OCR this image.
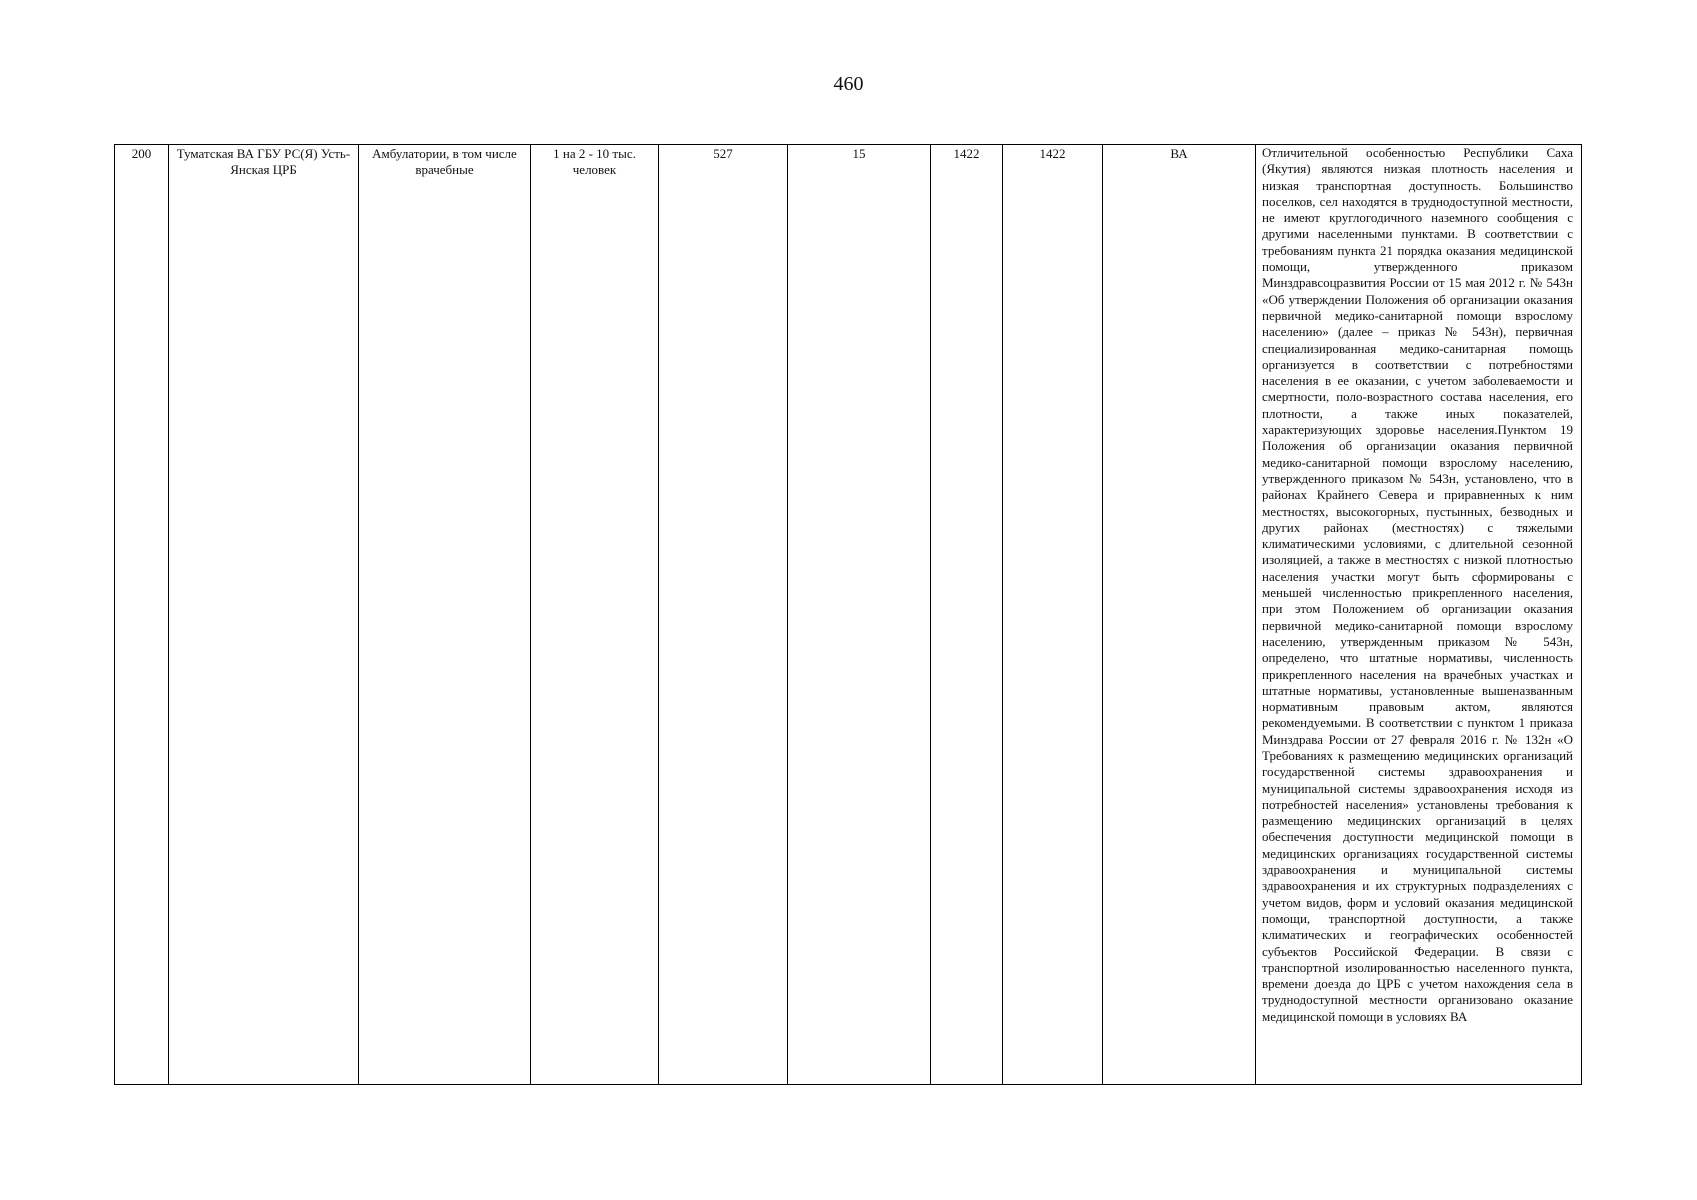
460
200	Туматская ВА ГБУ РС(Я) Усть-Янская ЦРБ	Амбулатории, в том числе врачебные	1 на 2 - 10 тыс. человек	527	15	1422	1422	ВА	Отличительной особенностью Республики Саха (Якутия) являются низкая плотность населения и низкая транспортная доступность. Большинство поселков, сел находятся в труднодоступной местности, не имеют круглогодичного наземного сообщения с другими населенными пунктами. В соответствии с требованиям пункта 21 порядка оказания медицинской помощи, утвержденного приказом Минздравсоцразвития России от 15 мая 2012 г. № 543н «Об утверждении Положения об организации оказания первичной медико-санитарной помощи взрослому населению» (далее – приказ № 543н), первичная специализированная медико-санитарная помощь организуется в соответствии с потребностями населения в ее оказании, с учетом заболеваемости и смертности, поло-возрастного состава населения, его плотности, а также иных показателей, характеризующих здоровье населения.Пунктом 19 Положения об организации оказания первичной медико-санитарной помощи взрослому населению, утвержденного приказом № 543н, установлено, что в районах Крайнего Севера и приравненных к ним местностях, высокогорных, пустынных, безводных и других районах (местностях) с тяжелыми климатическими условиями, с длительной сезонной изоляцией, а также в местностях с низкой плотностью населения участки могут быть сформированы с меньшей численностью прикрепленного населения, при этом Положением об организации оказания первичной медико-санитарной помощи взрослому населению, утвержденным приказом № 543н, определено, что штатные нормативы, численность прикрепленного населения на врачебных участках и штатные нормативы, установленные вышеназванным нормативным правовым актом, являются рекомендуемыми. В соответствии с пунктом 1 приказа Минздрава России от 27 февраля 2016 г. № 132н «О Требованиях к размещению медицинских организаций государственной системы здравоохранения и муниципальной системы здравоохранения исходя из потребностей населения» установлены требования к размещению медицинских организаций в целях обеспечения доступности медицинской помощи в медицинских организациях государственной системы здравоохранения и муниципальной системы здравоохранения и их структурных подразделениях с учетом видов, форм и условий оказания медицинской помощи, транспортной доступности, а также климатических и географических особенностей субъектов Российской Федерации. В связи с транспортной изолированностью населенного пункта, времени доезда до ЦРБ с учетом нахождения села в труднодоступной местности организовано оказание медицинской помощи в условиях ВА
